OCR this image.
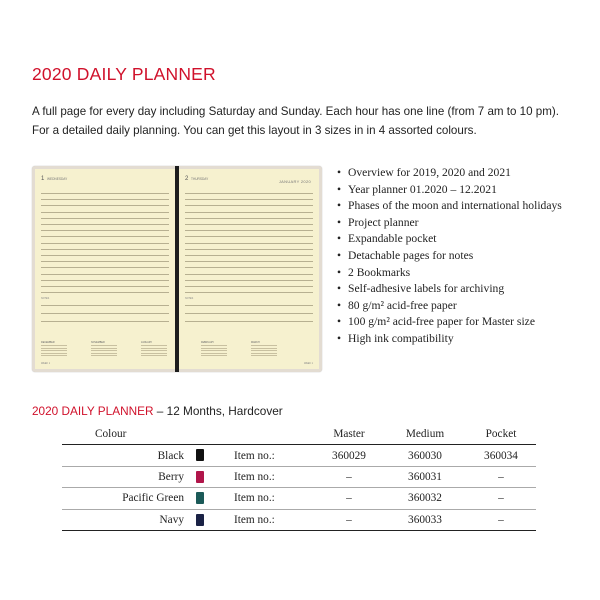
2020 DAILY PLANNER
A full page for every day including Saturday and Sunday. Each hour has one line (from 7 am to 10 pm). For a detailed daily planning. You can get this layout in 3 sizes in in 4 assorted colours.
1 WEDNESDAY
NOTES
DECEMBER	NOVEMBER	JANUARY
WEEK 1
2 THURSDAY	JANUARY 2020
NOTES
FEBRUARY	MARCH
WEEK 1
• Overview for 2019, 2020 and 2021
• Year planner 01.2020 – 12.2021
• Phases of the moon and international holidays
• Project planner
• Expandable pocket
• Detachable pages for notes
• 2 Bookmarks
• Self-adhesive labels for archiving
• 80 g/m² acid-free paper
• 100 g/m² acid-free paper for Master size
• High ink compatibility
2020 DAILY PLANNER – 12 Months, Hardcover
Colour			Master	Medium	Pocket
Black		Item no.:	360029	360030	360034
Berry		Item no.:	–	360031	–
Pacific Green		Item no.:	–	360032	–
Navy		Item no.:	–	360033	–
